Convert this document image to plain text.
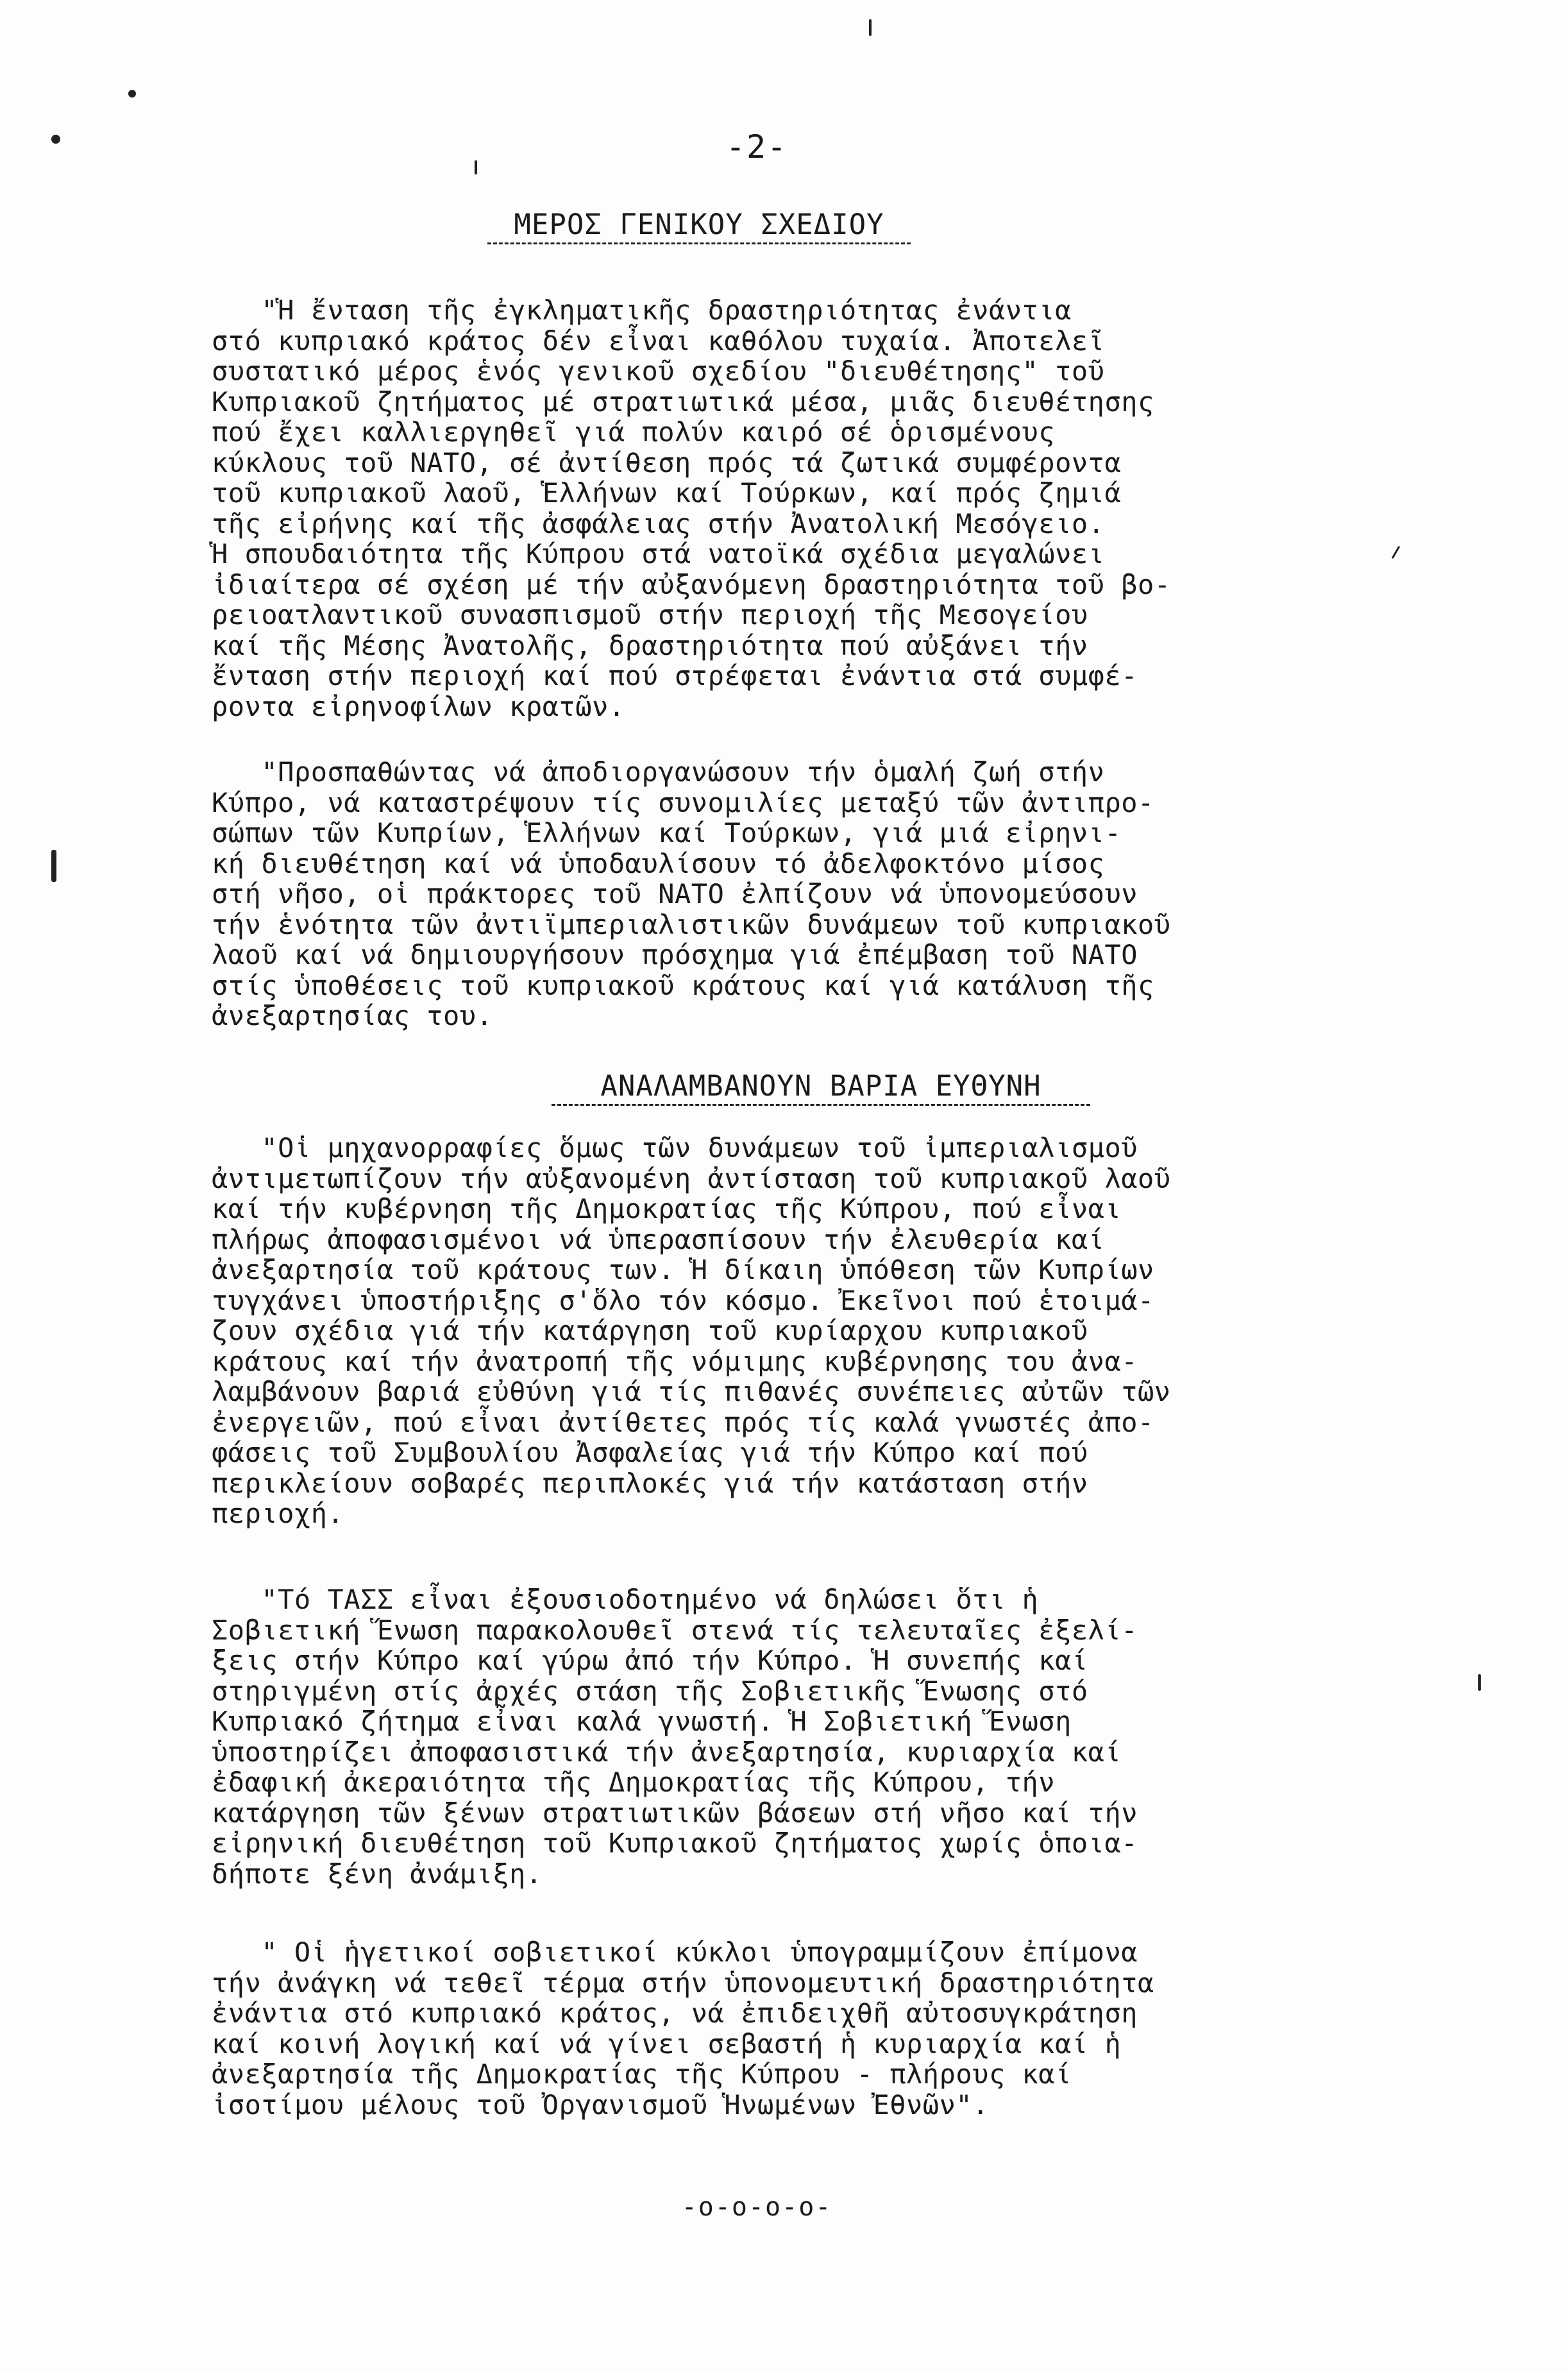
-2-
ΜΕΡΟΣ ΓΕΝΙΚΟΥ ΣΧΕΔΙΟΥ
"Ἡ ἔνταση τῆς ἐγκληματικῆς δραστηριότητας ἐνάντια
στό κυπριακό κράτος δέν εἶναι καθόλου τυχαία. Ἀποτελεῖ
συστατικό μέρος ἑνός γενικοῦ σχεδίου "διευθέτησης" τοῦ
Κυπριακοῦ ζητήματος μέ στρατιωτικά μέσα, μιᾶς διευθέτησης
πού ἔχει καλλιεργηθεῖ γιά πολύν καιρό σέ ὁρισμένους
κύκλους τοῦ ΝΑΤΟ, σέ ἀντίθεση πρός τά ζωτικά συμφέροντα
τοῦ κυπριακοῦ λαοῦ, Ἑλλήνων καί Τούρκων, καί πρός ζημιά
τῆς εἰρήνης καί τῆς ἀσφάλειας στήν Ἀνατολική Μεσόγειο.
Ἡ σπουδαιότητα τῆς Κύπρου στά νατοϊκά σχέδια μεγαλώνει
ἰδιαίτερα σέ σχέση μέ τήν αὐξανόμενη δραστηριότητα τοῦ βο-
ρειοατλαντικοῦ συνασπισμοῦ στήν περιοχή τῆς Μεσογείου
καί τῆς Μέσης Ἀνατολῆς, δραστηριότητα πού αὐξάνει τήν
ἔνταση στήν περιοχή καί πού στρέφεται ἐνάντια στά συμφέ-
ροντα εἰρηνοφίλων κρατῶν.
"Προσπαθώντας νά ἀποδιοργανώσουν τήν ὁμαλή ζωή στήν
Κύπρο, νά καταστρέψουν τίς συνομιλίες μεταξύ τῶν ἀντιπρο-
σώπων τῶν Κυπρίων, Ἑλλήνων καί Τούρκων, γιά μιά εἰρηνι-
κή διευθέτηση καί νά ὑποδαυλίσουν τό ἀδελφοκτόνο μίσος
στή νῆσο, οἱ πράκτορες τοῦ ΝΑΤΟ ἐλπίζουν νά ὑπονομεύσουν
τήν ἑνότητα τῶν ἀντιϊμπεριαλιστικῶν δυνάμεων τοῦ κυπριακοῦ
λαοῦ καί νά δημιουργήσουν πρόσχημα γιά ἐπέμβαση τοῦ ΝΑΤΟ
στίς ὑποθέσεις τοῦ κυπριακοῦ κράτους καί γιά κατάλυση τῆς
ἀνεξαρτησίας του.
ΑΝΑΛΑΜΒΑΝΟΥΝ ΒΑΡΙΑ ΕΥΘΥΝΗ
"Οἱ μηχανορραφίες ὅμως τῶν δυνάμεων τοῦ ἰμπεριαλισμοῦ
ἀντιμετωπίζουν τήν αὐξανομένη ἀντίσταση τοῦ κυπριακοῦ λαοῦ
καί τήν κυβέρνηση τῆς Δημοκρατίας τῆς Κύπρου, πού εἶναι
πλήρως ἀποφασισμένοι νά ὑπερασπίσουν τήν ἐλευθερία καί
ἀνεξαρτησία τοῦ κράτους των. Ἡ δίκαιη ὑπόθεση τῶν Κυπρίων
τυγχάνει ὑποστήριξης σ'ὅλο τόν κόσμο. Ἐκεῖνοι πού ἑτοιμά-
ζουν σχέδια γιά τήν κατάργηση τοῦ κυρίαρχου κυπριακοῦ
κράτους καί τήν ἀνατροπή τῆς νόμιμης κυβέρνησης του ἀνα-
λαμβάνουν βαριά εὐθύνη γιά τίς πιθανές συνέπειες αὐτῶν τῶν
ἐνεργειῶν, πού εἶναι ἀντίθετες πρός τίς καλά γνωστές ἀπο-
φάσεις τοῦ Συμβουλίου Ἀσφαλείας γιά τήν Κύπρο καί πού
περικλείουν σοβαρές περιπλοκές γιά τήν κατάσταση στήν
περιοχή.
"Τό ΤΑΣΣ εἶναι ἐξουσιοδοτημένο νά δηλώσει ὅτι ἡ
Σοβιετική Ἕνωση παρακολουθεῖ στενά τίς τελευταῖες ἐξελί-
ξεις στήν Κύπρο καί γύρω ἀπό τήν Κύπρο. Ἡ συνεπής καί
στηριγμένη στίς ἀρχές στάση τῆς Σοβιετικῆς Ἕνωσης στό
Κυπριακό ζήτημα εἶναι καλά γνωστή. Ἡ Σοβιετική Ἕνωση
ὑποστηρίζει ἀποφασιστικά τήν ἀνεξαρτησία, κυριαρχία καί
ἐδαφική ἀκεραιότητα τῆς Δημοκρατίας τῆς Κύπρου, τήν
κατάργηση τῶν ξένων στρατιωτικῶν βάσεων στή νῆσο καί τήν
εἰρηνική διευθέτηση τοῦ Κυπριακοῦ ζητήματος χωρίς ὁποια-
δήποτε ξένη ἀνάμιξη.
" Οἱ ἡγετικοί σοβιετικοί κύκλοι ὑπογραμμίζουν ἐπίμονα
τήν ἀνάγκη νά τεθεῖ τέρμα στήν ὑπονομευτική δραστηριότητα
ἐνάντια στό κυπριακό κράτος, νά ἐπιδειχθῆ αὐτοσυγκράτηση
καί κοινή λογική καί νά γίνει σεβαστή ἡ κυριαρχία καί ἡ
ἀνεξαρτησία τῆς Δημοκρατίας τῆς Κύπρου - πλήρους καί
ἰσοτίμου μέλους τοῦ Ὀργανισμοῦ Ἡνωμένων Ἐθνῶν".
-o-o-o-o-
